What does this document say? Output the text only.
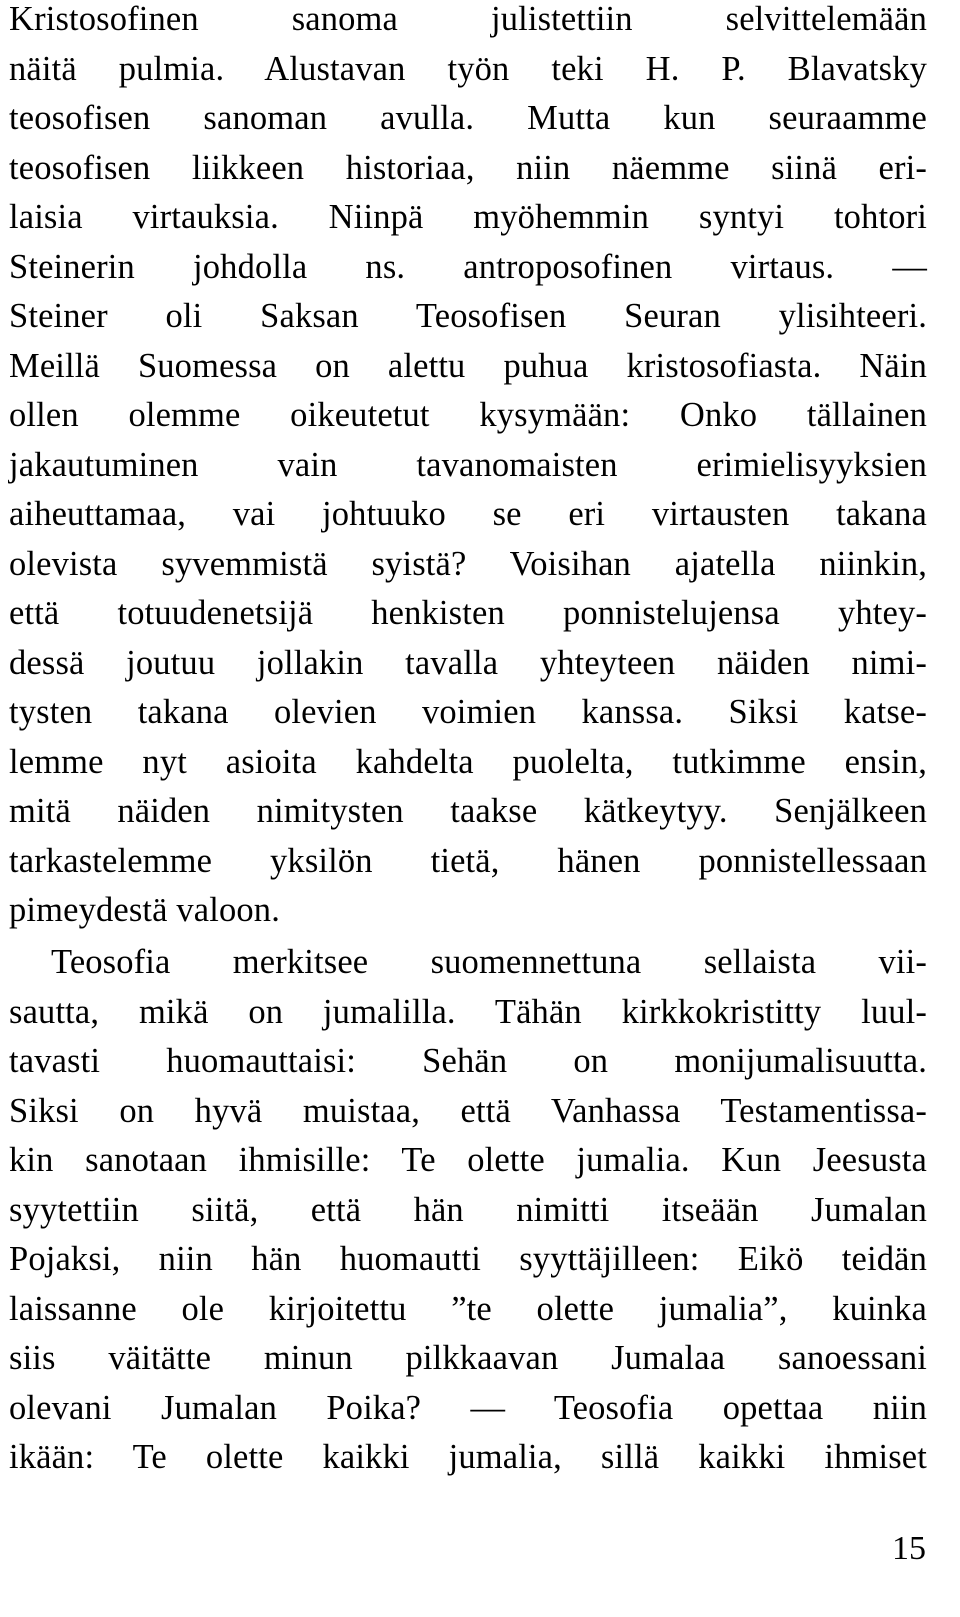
Kristosofinen sanoma julistettiin selvittelemään
näitä pulmia. Alustavan työn teki H. P. Blavatsky
teosofisen sanoman avulla. Mutta kun seuraamme
teosofisen liikkeen historiaa, niin näemme siinä eri-
laisia virtauksia. Niinpä myöhemmin syntyi tohtori
Steinerin johdolla ns. antroposofinen virtaus. —
Steiner oli Saksan Teosofisen Seuran ylisihteeri.
Meillä Suomessa on alettu puhua kristosofiasta. Näin
ollen olemme oikeutetut kysymään: Onko tällainen
jakautuminen vain tavanomaisten erimielisyyksien
aiheuttamaa, vai johtuuko se eri virtausten takana
olevista syvemmistä syistä? Voisihan ajatella niinkin,
että totuudenetsijä henkisten ponnistelujensa yhtey-
dessä joutuu jollakin tavalla yhteyteen näiden nimi-
tysten takana olevien voimien kanssa. Siksi katse-
lemme nyt asioita kahdelta puolelta, tutkimme ensin,
mitä näiden nimitysten taakse kätkeytyy. Senjälkeen
tarkastelemme yksilön tietä, hänen ponnistellessaan
pimeydestä valoon.
Teosofia merkitsee suomennettuna sellaista vii-
sautta, mikä on jumalilla. Tähän kirkkokristitty luul-
tavasti huomauttaisi: Sehän on monijumalisuutta.
Siksi on hyvä muistaa, että Vanhassa Testamentissa-
kin sanotaan ihmisille: Te olette jumalia. Kun Jeesusta
syytettiin siitä, että hän nimitti itseään Jumalan
Pojaksi, niin hän huomautti syyttäjilleen: Eikö teidän
laissanne ole kirjoitettu ”te olette jumalia”, kuinka
siis väitätte minun pilkkaavan Jumalaa sanoessani
olevani Jumalan Poika? — Teosofia opettaa niin
ikään: Te olette kaikki jumalia, sillä kaikki ihmiset
15
